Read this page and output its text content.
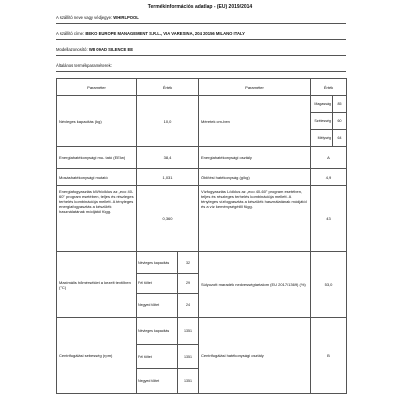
Termékinformációs adatlap - (EU) 2019/2014
A szállító neve vagy védjegye: WHIRLPOOL
A szállító címe: BEKO EUROPE MANAGEMENT S.R.L., VIA VARESINA, 204 20156 MILANO ITALY
Modellazonosító: W8 09AD SILENCE EE
Általános termékparaméterek:
Paraméter	Érték	Paraméter	Érték
Névleges kapacitás (kg)	10,0	Méretek cm-ben	
Magasság	85

Szélesség	60

Mélység	64

Energiahatékonysági mu- tató (EEIw)	38,4	Energiahatékonysági osztály	A
Mosáshatékonysági mutató	1,031	Öblítési hatékonyság (g/kg)	4,9
Energiafogyasztás kWh/ciklus az „eco 40-60" program esetében, teljes és részleges terhelés kombinációja mellett. A tényleges energiafogyasztás a készülék használatának módjától függ.	0,360	Vízfogyasztás L/ciklus az „eco 40-60" program esetében, teljes és részleges terhelés kombinációja mellett. A tényleges vízfogyasztás a készülék használatának módjától és a víz keménységétől függ.	43
Maximális hőmérséklet a kezelt textílben (°C)	
Névleges kapacitás	32
	Súlyozott maradék nedvességtartalom (EU 2017/1369) (%)	53,0

Fél töltet	29

Negyed töltet	24

Centrifugálási sebesség (rpm)	
Névleges kapacitás	1351
	Centrifugálási hatékonysági osztály	B

Fél töltet	1351

Negyed töltet	1351
